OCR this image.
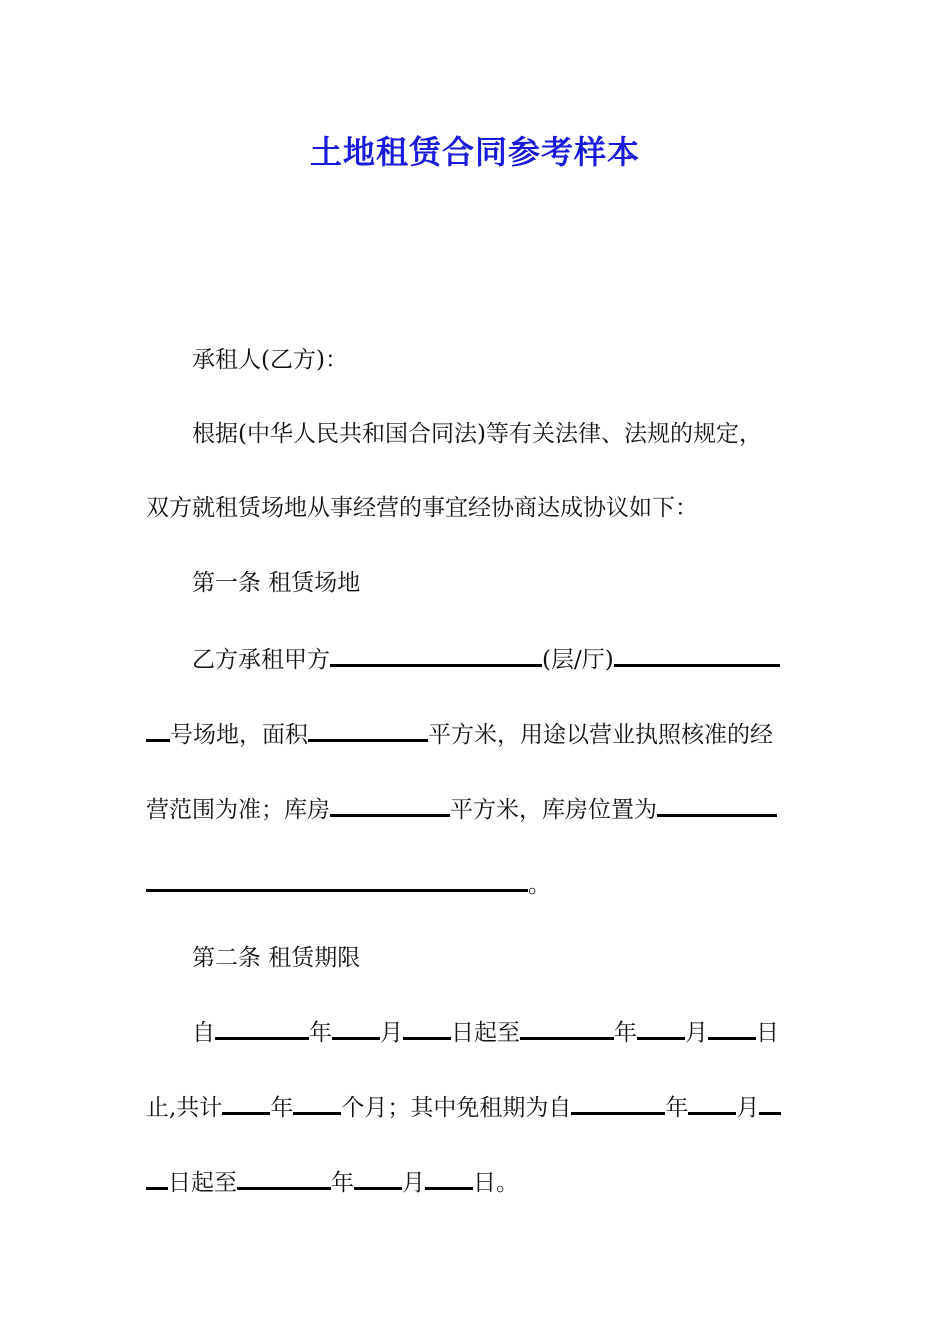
土地租赁合同参考样本

承租人(乙方)：

根据(中华人民共和国合同法)等有关法律、法规的规定，

双方就租赁场地从事经营的事宜经协商达成协议如下：

第一条 租赁场地

乙方承租甲方	(层/厅)

号场地，面积	平方米，用途以营业执照核准的经

营范围为准；库房	平方米，库房位置为

。

第二条 租赁期限

自	年 月 日起至	年 月 日

止,共计 年 个月；其中免租期为自	年 月

日起至	年 月 日。
